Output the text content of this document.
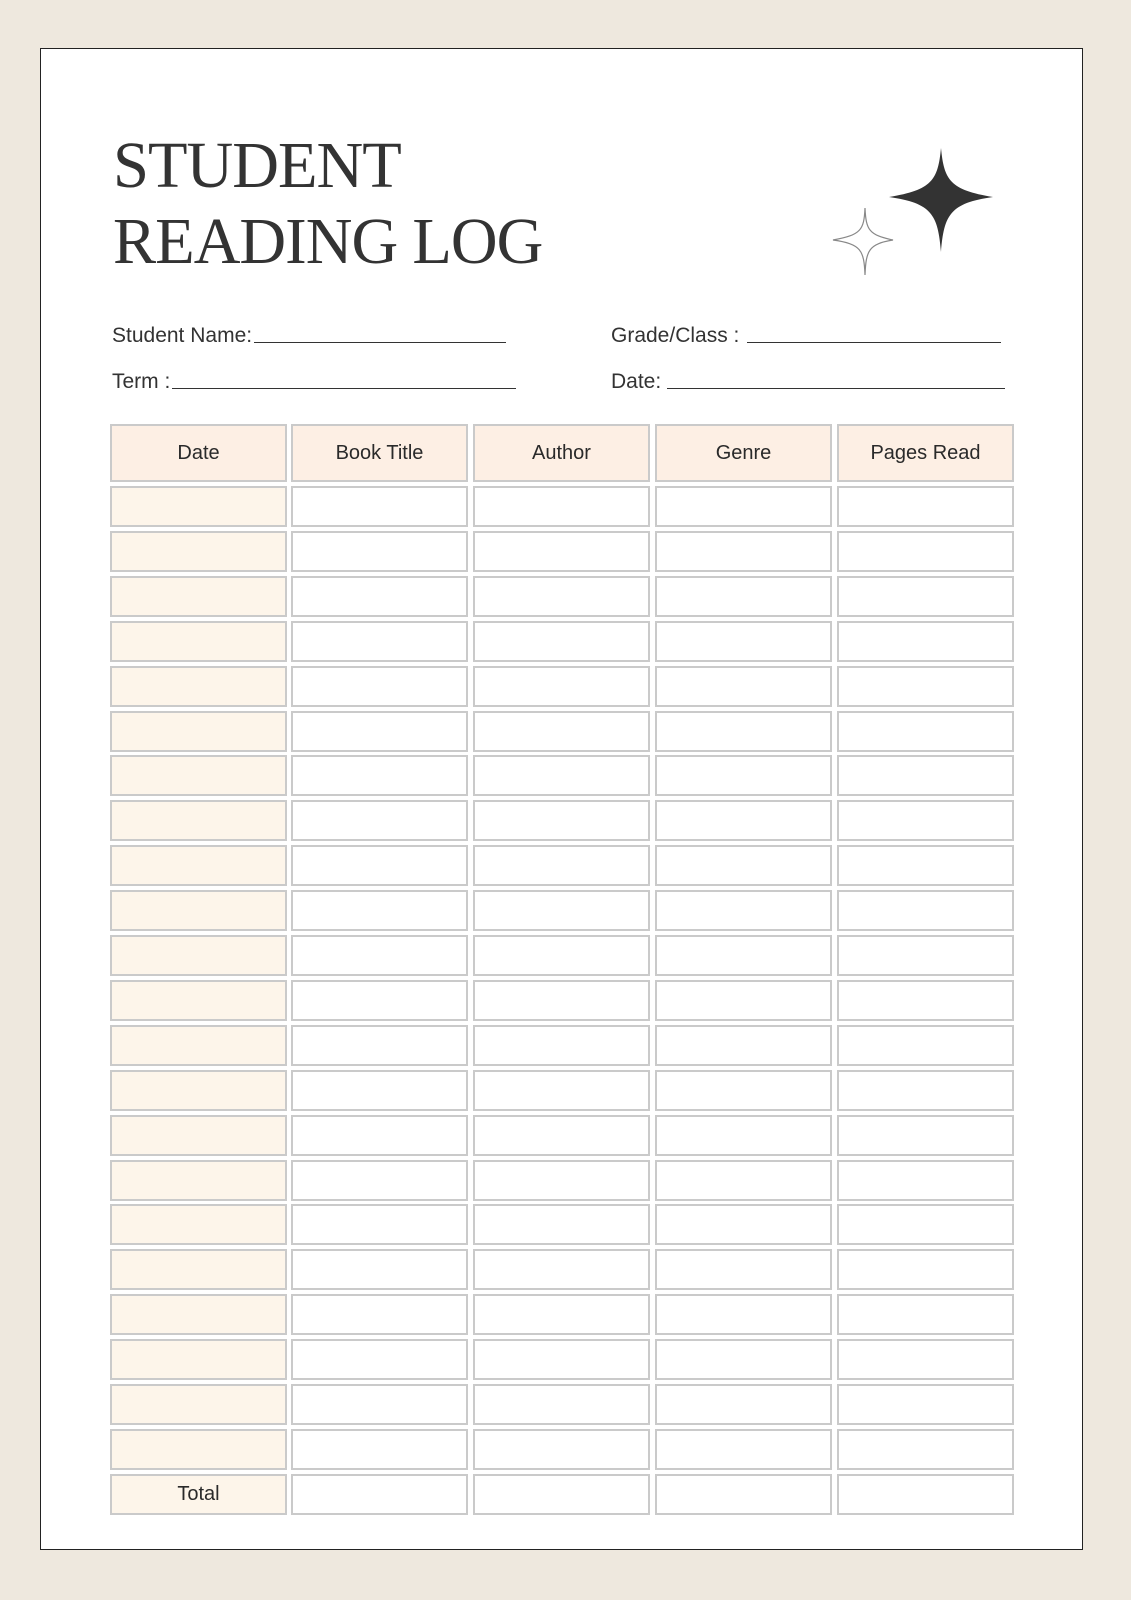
STUDENT
READING LOG
Student Name:	Grade/Class :
Term :	Date:
Date	Book Title	Author	Genre	Pages Read
Total
